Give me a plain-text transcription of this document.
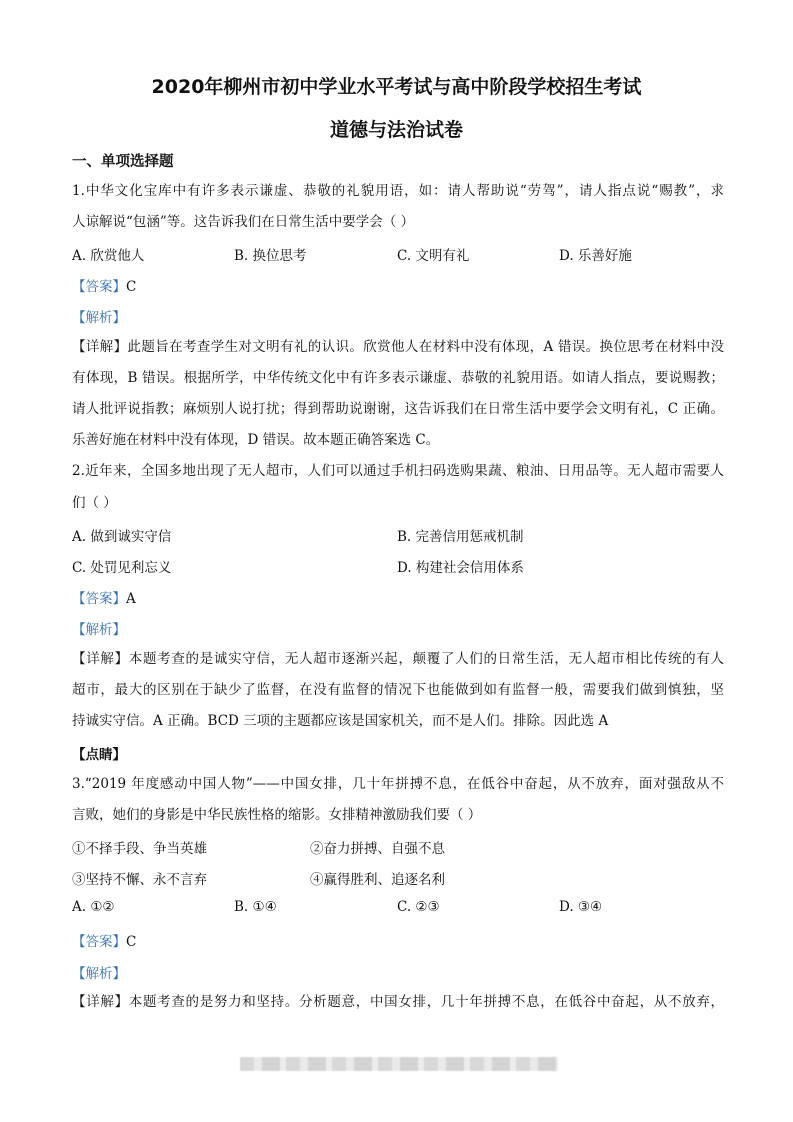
2020年柳州市初中学业水平考试与高中阶段学校招生考试
道德与法治试卷
一、单项选择题
1.中华文化宝库中有许多表示谦虚、恭敬的礼貌用语，如：请人帮助说“劳驾”，请人指点说“赐教”，求
人谅解说“包涵”等。这告诉我们在日常生活中要学会（ ）
A. 欣赏他人	B. 换位思考	C. 文明有礼	D. 乐善好施
【答案】C
【解析】
【详解】此题旨在考查学生对文明有礼的认识。欣赏他人在材料中没有体现，A 错误。换位思考在材料中没
有体现，B 错误。根据所学，中华传统文化中有许多表示谦虚、恭敬的礼貌用语。如请人指点，要说赐教；
请人批评说指教；麻烦别人说打扰；得到帮助说谢谢，这告诉我们在日常生活中要学会文明有礼，C 正确。
乐善好施在材料中没有体现，D 错误。故本题正确答案选 C。
2.近年来，全国多地出现了无人超市，人们可以通过手机扫码选购果蔬、粮油、日用品等。无人超市需要人
们（ ）
A. 做到诚实守信	B. 完善信用惩戒机制
C. 处罚见利忘义	D. 构建社会信用体系
【答案】A
【解析】
【详解】本题考查的是诚实守信，无人超市逐渐兴起，颠覆了人们的日常生活，无人超市相比传统的有人
超市，最大的区别在于缺少了监督，在没有监督的情况下也能做到如有监督一般，需要我们做到慎独，坚
持诚实守信。A 正确。BCD 三项的主题都应该是国家机关，而不是人们。排除。因此选 A
【点睛】
3.“2019 年度感动中国人物”——中国女排，几十年拼搏不息，在低谷中奋起，从不放弃，面对强敌从不
言败，她们的身影是中华民族性格的缩影。女排精神激励我们要（ ）
①不择手段、争当英雄	②奋力拼搏、自强不息
③坚持不懈、永不言弃	④赢得胜利、追逐名利
A. ①②	B. ①④	C. ②③	D. ③④
【答案】C
【解析】
【详解】本题考查的是努力和坚持。分析题意，中国女排，几十年拼搏不息，在低谷中奋起，从不放弃，
